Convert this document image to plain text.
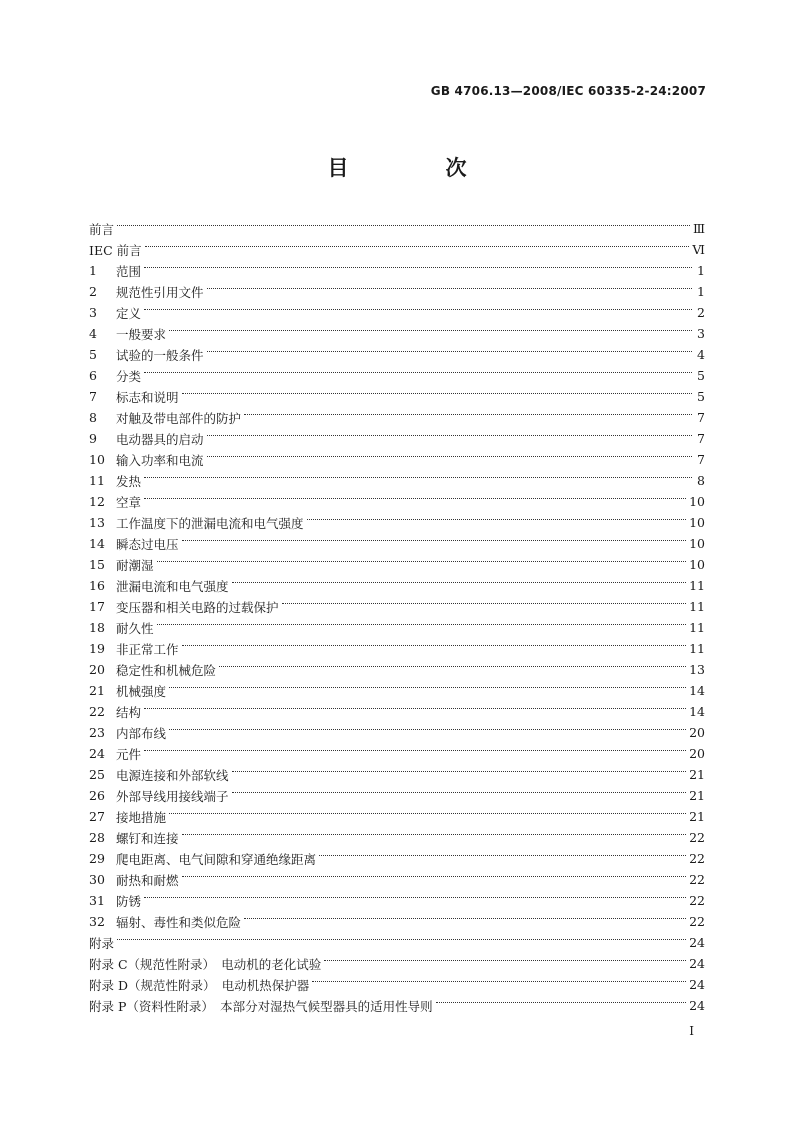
GB 4706.13—2008/IEC 60335-2-24:2007
目　次
前言	Ⅲ
IEC 前言	Ⅵ
1	范围	1
2	规范性引用文件	1
3	定义	2
4	一般要求	3
5	试验的一般条件	4
6	分类	5
7	标志和说明	5
8	对触及带电部件的防护	7
9	电动器具的启动	7
10 输入功率和电流	7
11 发热	8
12 空章	10
13 工作温度下的泄漏电流和电气强度	10
14 瞬态过电压	10
15 耐潮湿	10
16 泄漏电流和电气强度	11
17 变压器和相关电路的过载保护	11
18 耐久性	11
19 非正常工作	11
20 稳定性和机械危险	13
21 机械强度	14
22 结构	14
23 内部布线	20
24 元件	20
25 电源连接和外部软线	21
26 外部导线用接线端子	21
27 接地措施	21
28 螺钉和连接	22
29 爬电距离、电气间隙和穿通绝缘距离	22
30 耐热和耐燃	22
31 防锈	22
32 辐射、毒性和类似危险	22
附录	24
附录 C（规范性附录）　电动机的老化试验	24
附录 D（规范性附录）　电动机热保护器	24
附录 P（资料性附录）　本部分对湿热气候型器具的适用性导则	24
I
